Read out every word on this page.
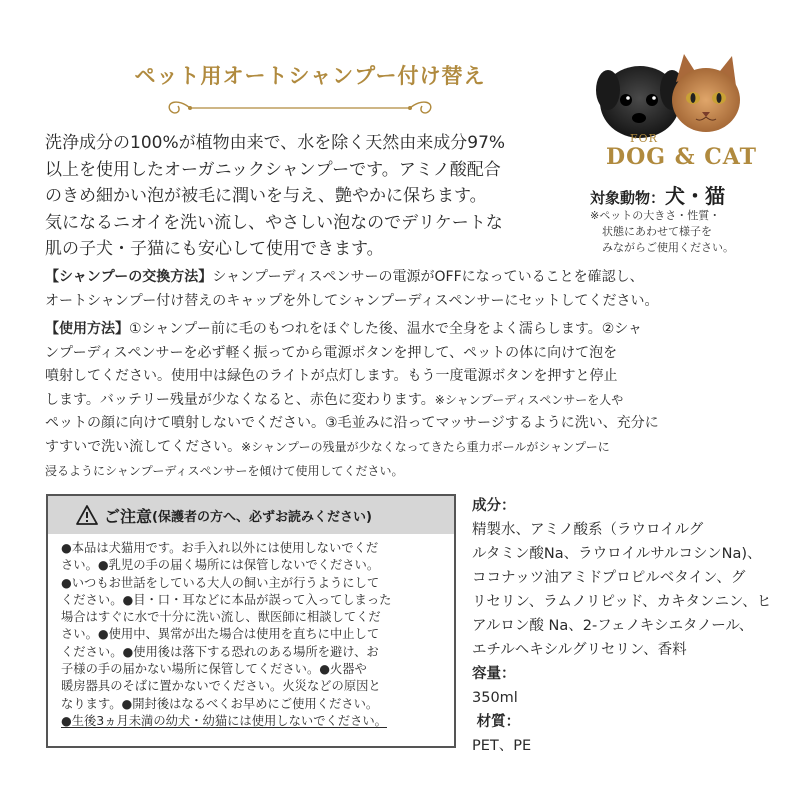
ペット用オートシャンプー付け替え
FOR
DOG & CAT
対象動物：犬・猫
※ペットの大きさ・性質・
状態にあわせて様子を
みながらご使用ください。
洗浄成分の100%が植物由来で、水を除く天然由来成分97%
以上を使用したオーガニックシャンプーです。アミノ酸配合
のきめ細かい泡が被毛に潤いを与え、艶やかに保ちます。
気になるニオイを洗い流し、やさしい泡なのでデリケートな
肌の子犬・子猫にも安心して使用できます。
【シャンプーの交換方法】シャンプーディスペンサーの電源がOFFになっていることを確認し、
オートシャンプー付け替えのキャップを外してシャンプーディスペンサーにセットしてください。
【使用方法】①シャンプー前に毛のもつれをほぐした後、温水で全身をよく濡らします。②シャ
ンプーディスペンサーを必ず軽く振ってから電源ボタンを押して、ペットの体に向けて泡を
噴射してください。使用中は緑色のライトが点灯します。もう一度電源ボタンを押すと停止
します。バッテリー残量が少なくなると、赤色に変わります。※シャンプーディスペンサーを人や
ペットの顔に向けて噴射しないでください。③毛並みに沿ってマッサージするように洗い、充分に
すすいで洗い流してください。※シャンプーの残量が少なくなってきたら重力ボールがシャンプーに
浸るようにシャンプーディスペンサーを傾けて使用してください。
ご注意 (保護者の方へ、必ずお読みください)
●本品は犬猫用です。お手入れ以外には使用しないでくだ
さい。●乳児の手の届く場所には保管しないでください。
●いつもお世話をしている大人の飼い主が行うようにして
ください。●目・口・耳などに本品が誤って入ってしまった
場合はすぐに水で十分に洗い流し、獣医師に相談してくだ
さい。●使用中、異常が出た場合は使用を直ちに中止して
ください。●使用後は落下する恐れのある場所を避け、お
子様の手の届かない場所に保管してください。●火器や
暖房器具のそばに置かないでください。火災などの原因と
なります。●開封後はなるべくお早めにご使用ください。
●生後3ヵ月未満の幼犬・幼猫には使用しないでください。
成分：
精製水、アミノ酸系（ラウロイルグ
ルタミン酸Na、ラウロイルサルコシンNa)、
ココナッツ油アミドプロピルベタイン、グ
リセリン、ラムノリピッド、カキタンニン、ヒ
アルロン酸 Na、2-フェノキシエタノール、
エチルヘキシルグリセリン、香料
容量：
350ml
材質：
PET、PE
